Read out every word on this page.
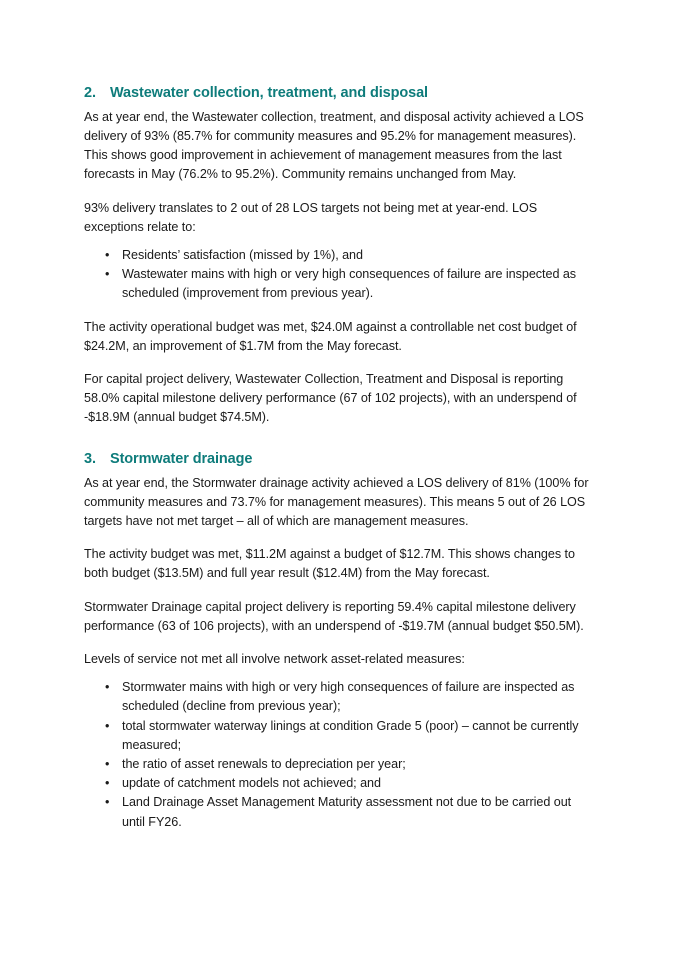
2. Wastewater collection, treatment, and disposal

As at year end, the Wastewater collection, treatment, and disposal activity achieved a LOS delivery of 93% (85.7% for community measures and 95.2% for management measures). This shows good improvement in achievement of management measures from the last forecasts in May (76.2% to 95.2%). Community remains unchanged from May.

93% delivery translates to 2 out of 28 LOS targets not being met at year-end. LOS exceptions relate to:

• Residents’ satisfaction (missed by 1%), and
• Wastewater mains with high or very high consequences of failure are inspected as scheduled (improvement from previous year).

The activity operational budget was met, $24.0M against a controllable net cost budget of $24.2M, an improvement of $1.7M from the May forecast.

For capital project delivery, Wastewater Collection, Treatment and Disposal is reporting 58.0% capital milestone delivery performance (67 of 102 projects), with an underspend of -$18.9M (annual budget $74.5M).

3. Stormwater drainage

As at year end, the Stormwater drainage activity achieved a LOS delivery of 81% (100% for community measures and 73.7% for management measures). This means 5 out of 26 LOS targets have not met target – all of which are management measures.

The activity budget was met, $11.2M against a budget of $12.7M. This shows changes to both budget ($13.5M) and full year result ($12.4M) from the May forecast.

Stormwater Drainage capital project delivery is reporting 59.4% capital milestone delivery performance (63 of 106 projects), with an underspend of -$19.7M (annual budget $50.5M).

Levels of service not met all involve network asset-related measures:

• Stormwater mains with high or very high consequences of failure are inspected as scheduled (decline from previous year);
• total stormwater waterway linings at condition Grade 5 (poor) – cannot be currently measured;
• the ratio of asset renewals to depreciation per year;
• update of catchment models not achieved; and
• Land Drainage Asset Management Maturity assessment not due to be carried out until FY26.
